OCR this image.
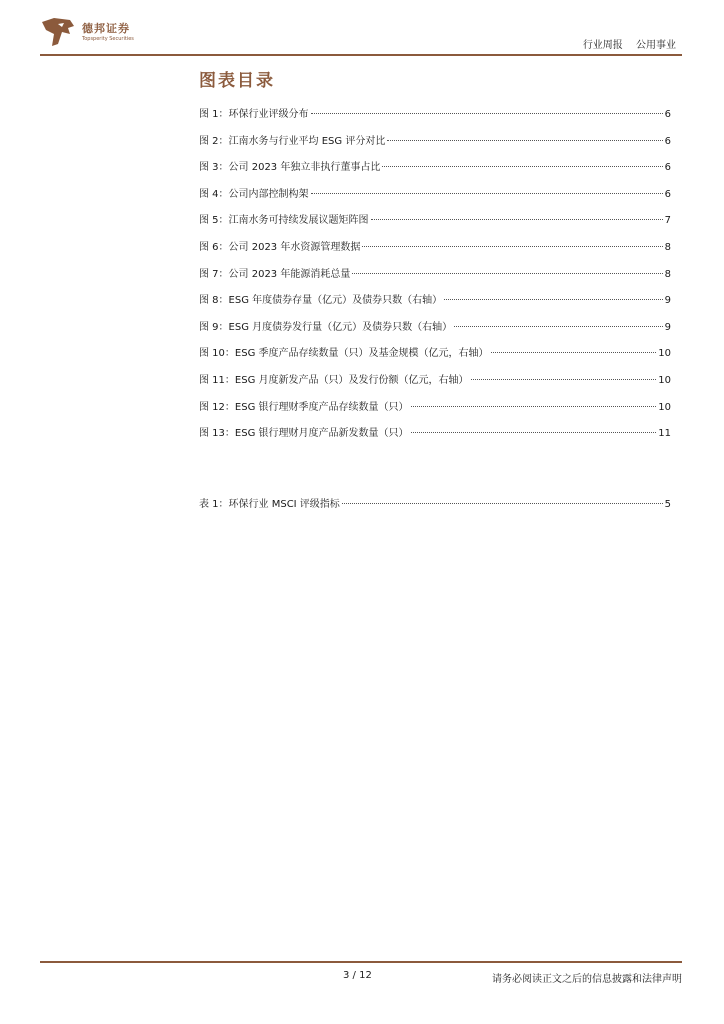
德邦证券
Topsperity Securities
行业周报 公用事业
图表目录
图 1：环保行业评级分布	6
图 2：江南水务与行业平均 ESG 评分对比	6
图 3：公司 2023 年独立非执行董事占比	6
图 4：公司内部控制构架	6
图 5：江南水务可持续发展议题矩阵图	7
图 6：公司 2023 年水资源管理数据	8
图 7：公司 2023 年能源消耗总量	8
图 8：ESG 年度债券存量（亿元）及债券只数（右轴）	9
图 9：ESG 月度债券发行量（亿元）及债券只数（右轴）	9
图 10：ESG 季度产品存续数量（只）及基金规模（亿元，右轴）	10
图 11：ESG 月度新发产品（只）及发行份额（亿元，右轴）	10
图 12：ESG 银行理财季度产品存续数量（只）	10
图 13：ESG 银行理财月度产品新发数量（只）	11
表 1：环保行业 MSCI 评级指标	5
3 / 12	请务必阅读正文之后的信息披露和法律声明
